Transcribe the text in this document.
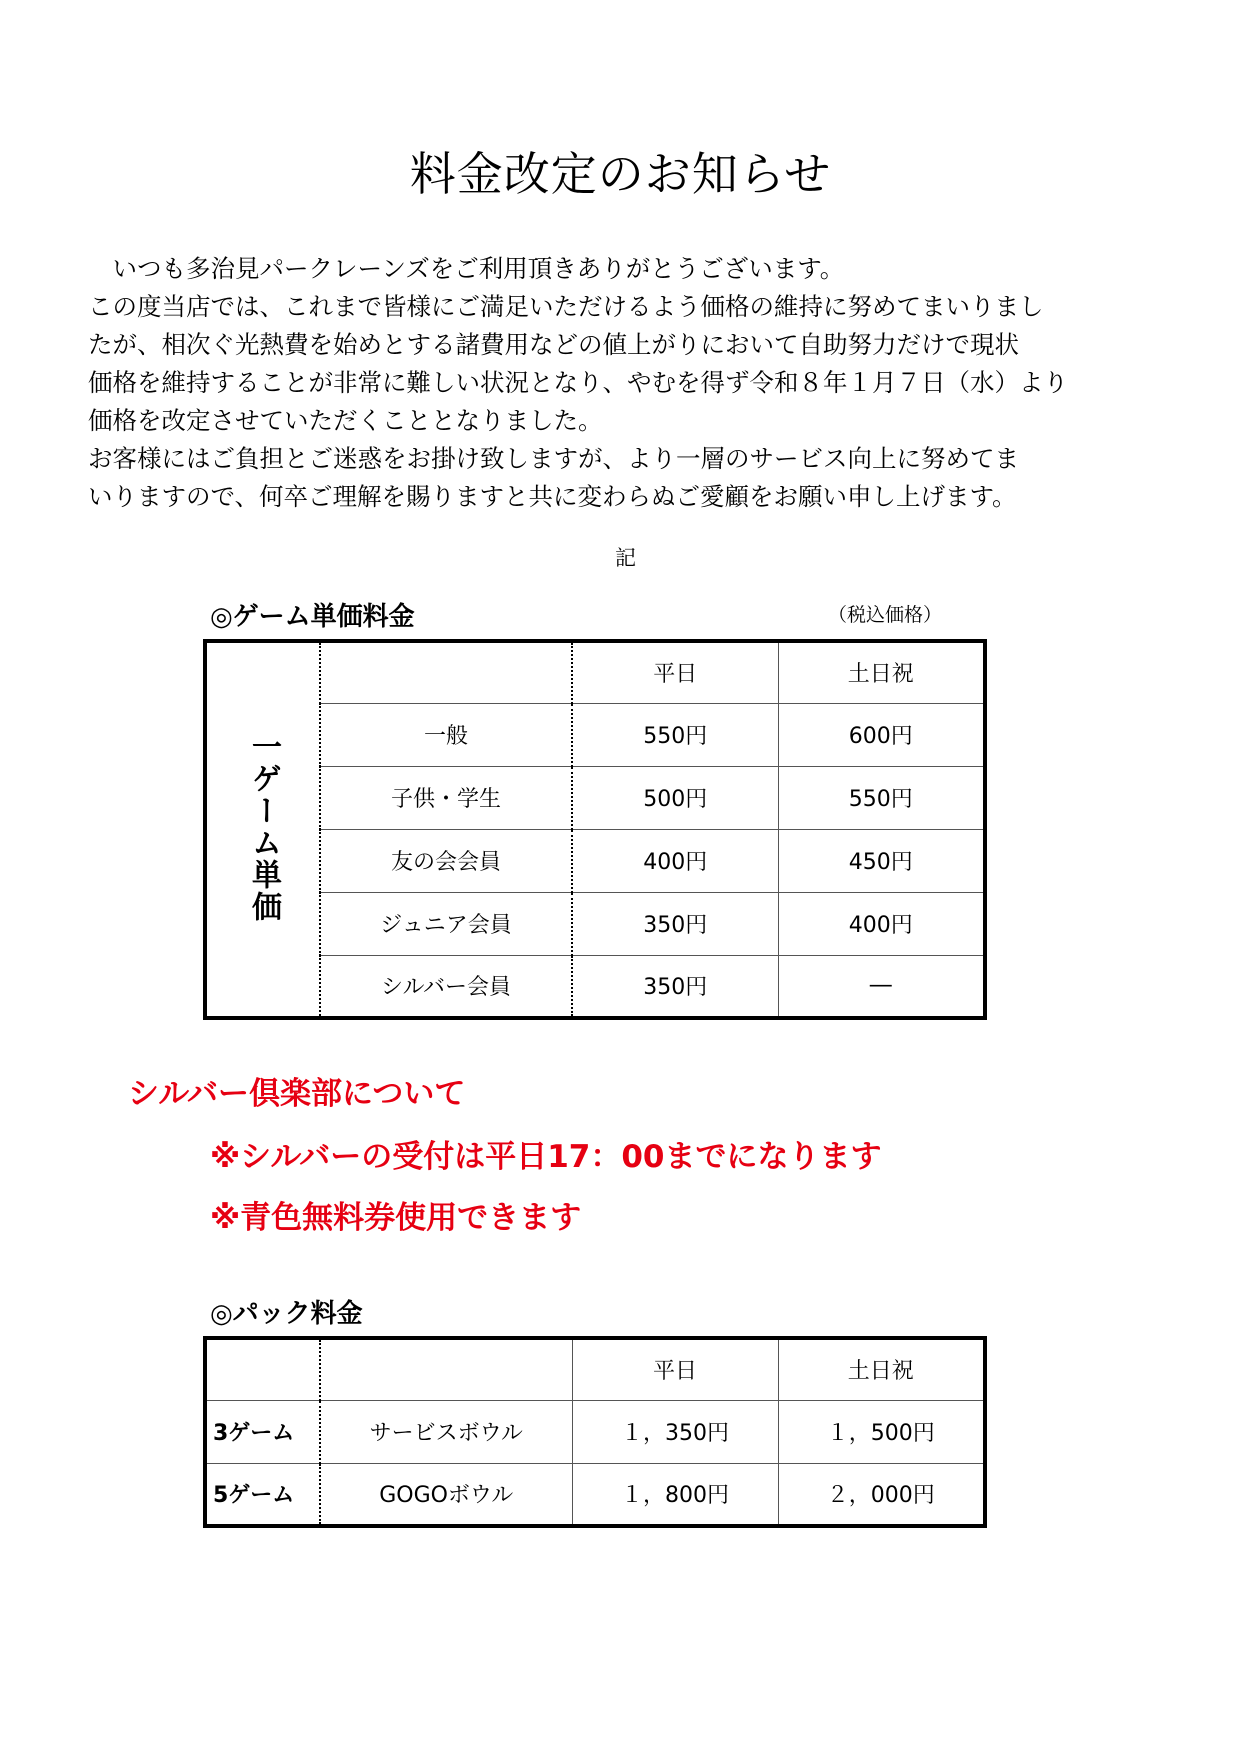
料金改定のお知らせ

　いつも多治見パークレーンズをご利用頂きありがとうございます。

この度当店では、これまで皆様にご満足いただけるよう価格の維持に努めてまいりまし

たが、相次ぐ光熱費を始めとする諸費用などの値上がりにおいて自助努力だけで現状

価格を維持することが非常に難しい状況となり、やむを得ず令和８年１月７日（水）より

価格を改定させていただくこととなりました。

お客様にはご負担とご迷惑をお掛け致しますが、より一層のサービス向上に努めてま

いりますので、何卒ご理解を賜りますと共に変わらぬご愛顧をお願い申し上げます。

記
◎ゲーム単価料金	（税込価格）
一ゲーム単価		平日	土日祝
	一般	550円	600円
	子供・学生	500円	550円
	友の会会員	400円	450円
	ジュニア会員	350円	400円
	シルバー会員	350円	―
シルバー倶楽部について
※シルバーの受付は平日17：00までになります
※青色無料券使用できます
◎パック料金
		平日	土日祝
3ゲーム	サービスボウル	１，350円	１，500円
5ゲーム	GOGOボウル	１，800円	２，000円
